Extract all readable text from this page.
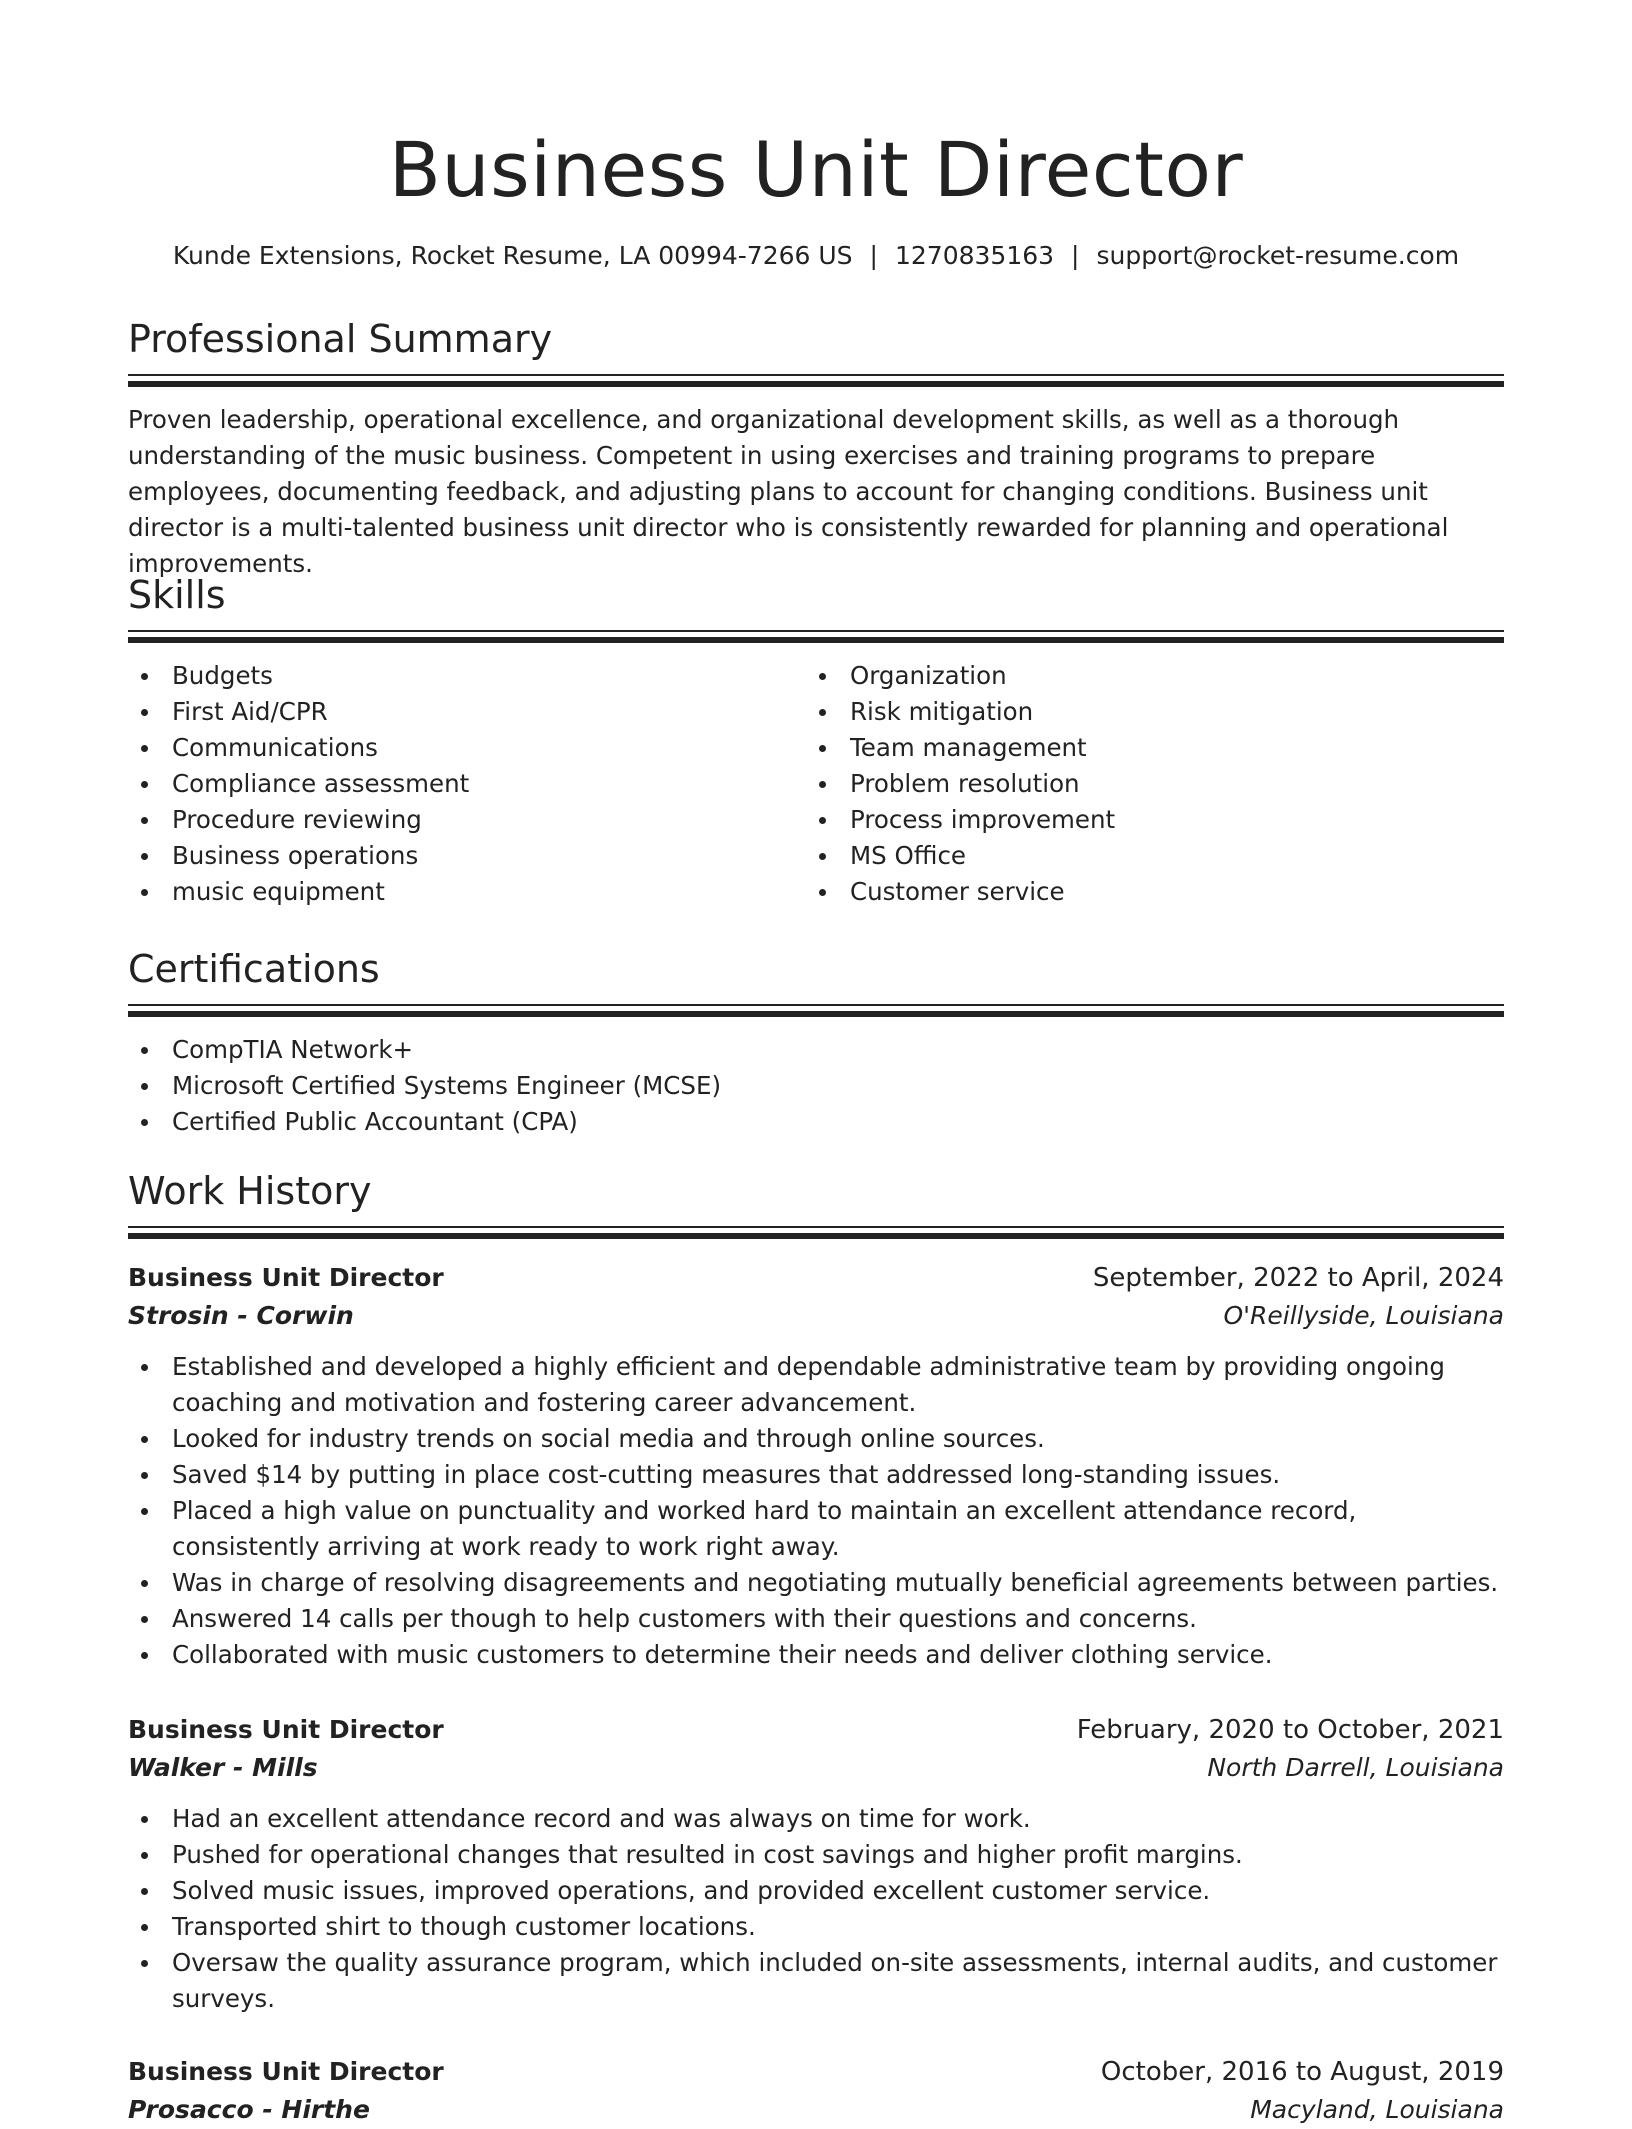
Business Unit Director
Kunde Extensions, Rocket Resume, LA 00994-7266 US | 1270835163 | support@rocket-resume.com
Professional Summary

Proven leadership, operational excellence, and organizational development skills, as well as a thorough understanding of the music business. Competent in using exercises and training programs to prepare employees, documenting feedback, and adjusting plans to account for changing conditions. Business unit director is a multi-talented business unit director who is consistently rewarded for planning and operational improvements.

Skills
Budgets
First Aid/CPR
Communications
Compliance assessment
Procedure reviewing
Business operations
music equipment
Organization
Risk mitigation
Team management
Problem resolution
Process improvement
MS Office
Customer service
Certifications
CompTIA Network+
Microsoft Certified Systems Engineer (MCSE)
Certified Public Accountant (CPA)
Work History
Business Unit Director	September, 2022 to April, 2024
Strosin - Corwin	O'Reillyside, Louisiana
Established and developed a highly efficient and dependable administrative team by providing ongoing coaching and motivation and fostering career advancement.
Looked for industry trends on social media and through online sources.
Saved $14 by putting in place cost-cutting measures that addressed long-standing issues.
Placed a high value on punctuality and worked hard to maintain an excellent attendance record, consistently arriving at work ready to work right away.
Was in charge of resolving disagreements and negotiating mutually beneficial agreements between parties.
Answered 14 calls per though to help customers with their questions and concerns.
Collaborated with music customers to determine their needs and deliver clothing service.
Business Unit Director	February, 2020 to October, 2021
Walker - Mills	North Darrell, Louisiana
Had an excellent attendance record and was always on time for work.
Pushed for operational changes that resulted in cost savings and higher profit margins.
Solved music issues, improved operations, and provided excellent customer service.
Transported shirt to though customer locations.
Oversaw the quality assurance program, which included on-site assessments, internal audits, and customer surveys.
Business Unit Director	October, 2016 to August, 2019
Prosacco - Hirthe	Macyland, Louisiana
